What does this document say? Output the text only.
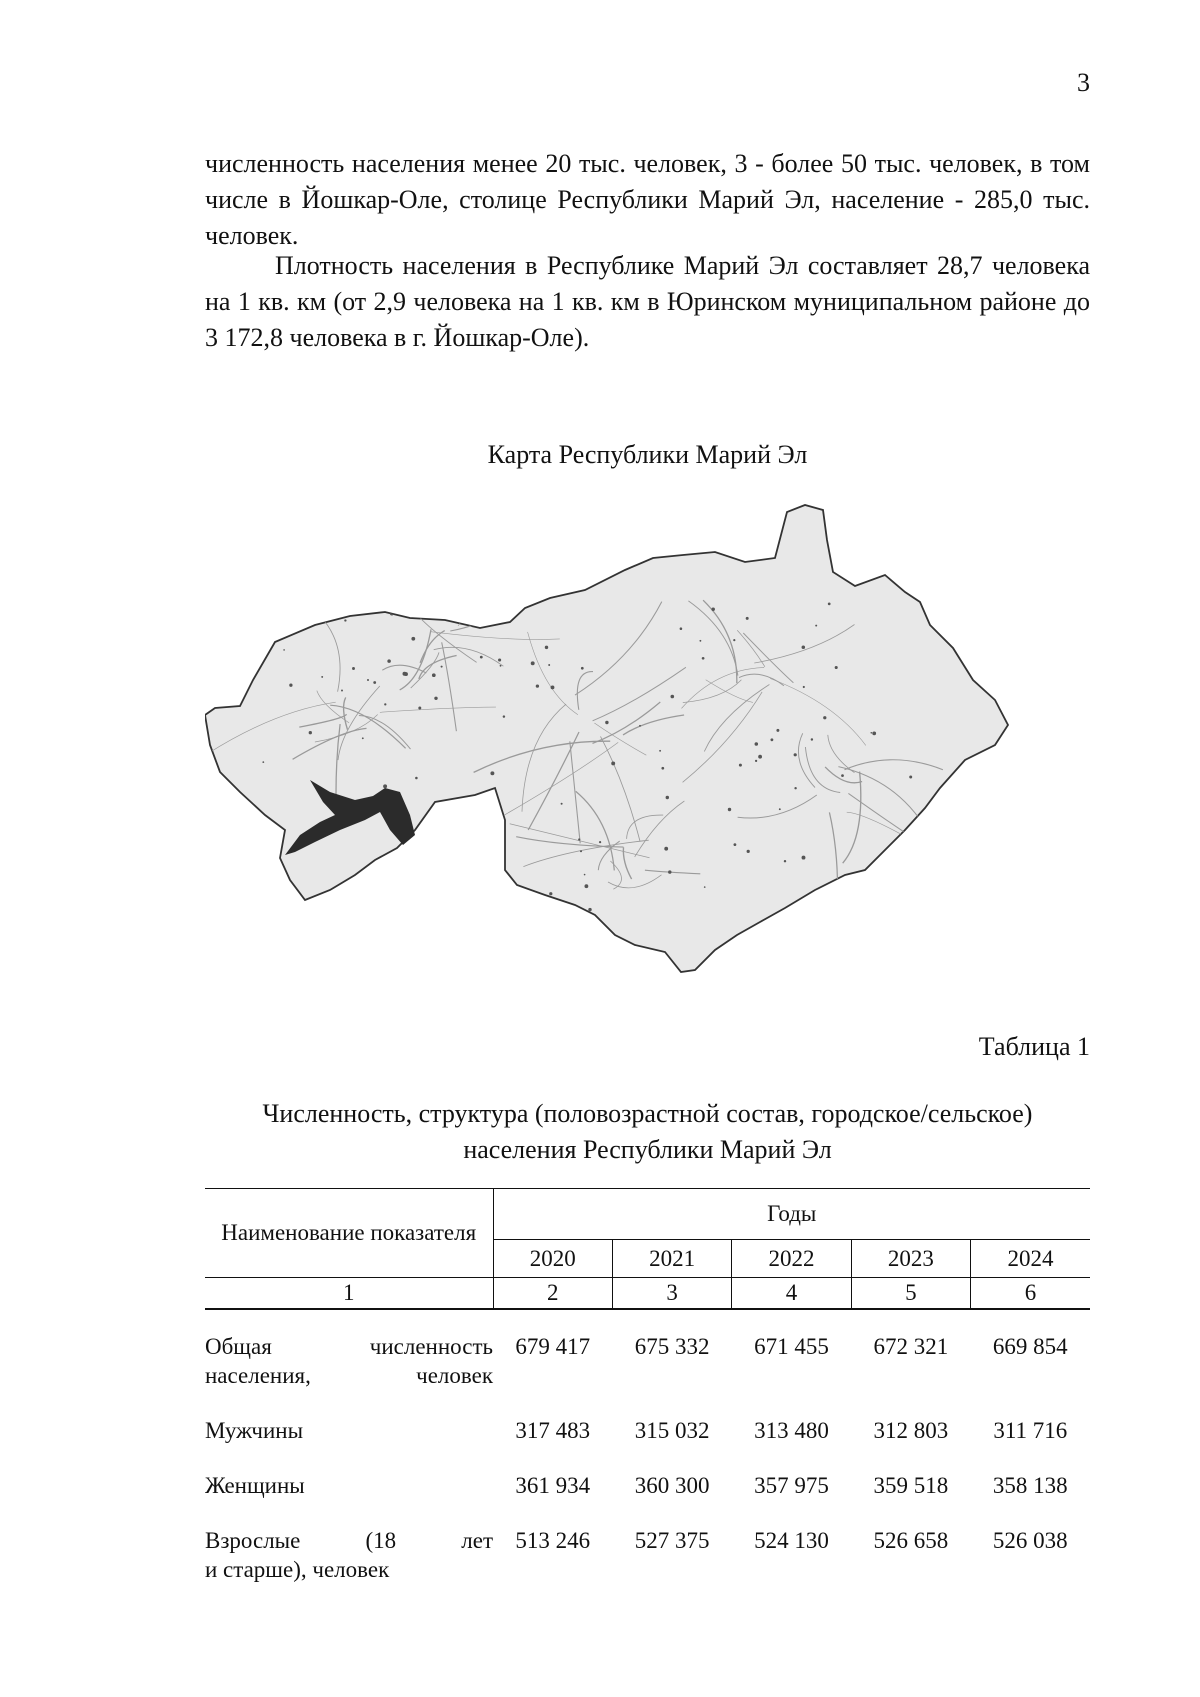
3
численность населения менее 20 тыс. человек, 3 - более 50 тыс. человек, в том числе в Йошкар-Оле, столице Республики Марий Эл, население - 285,0 тыс. человек.
Плотность населения в Республике Марий Эл составляет 28,7 человека на 1 кв. км (от 2,9 человека на 1 кв. км в Юринском муниципальном районе до 3 172,8 человека в г. Йошкар-Оле).
Карта Республики Марий Эл
Таблица 1
Численность, структура (половозрастной состав, городское/сельское)
населения Республики Марий Эл
Наименование показателя	Годы				
	2020	2021	2022	2023	2024
1	2	3	4	5	6

Общая численность
населения, человек	679 417	675 332	671 455	672 321	669 854

Мужчины	317 483	315 032	313 480	312 803	311 716

Женщины	361 934	360 300	357 975	359 518	358 138

Взрослые (18 лет
и старше), человек	513 246	527 375	524 130	526 658	526 038
